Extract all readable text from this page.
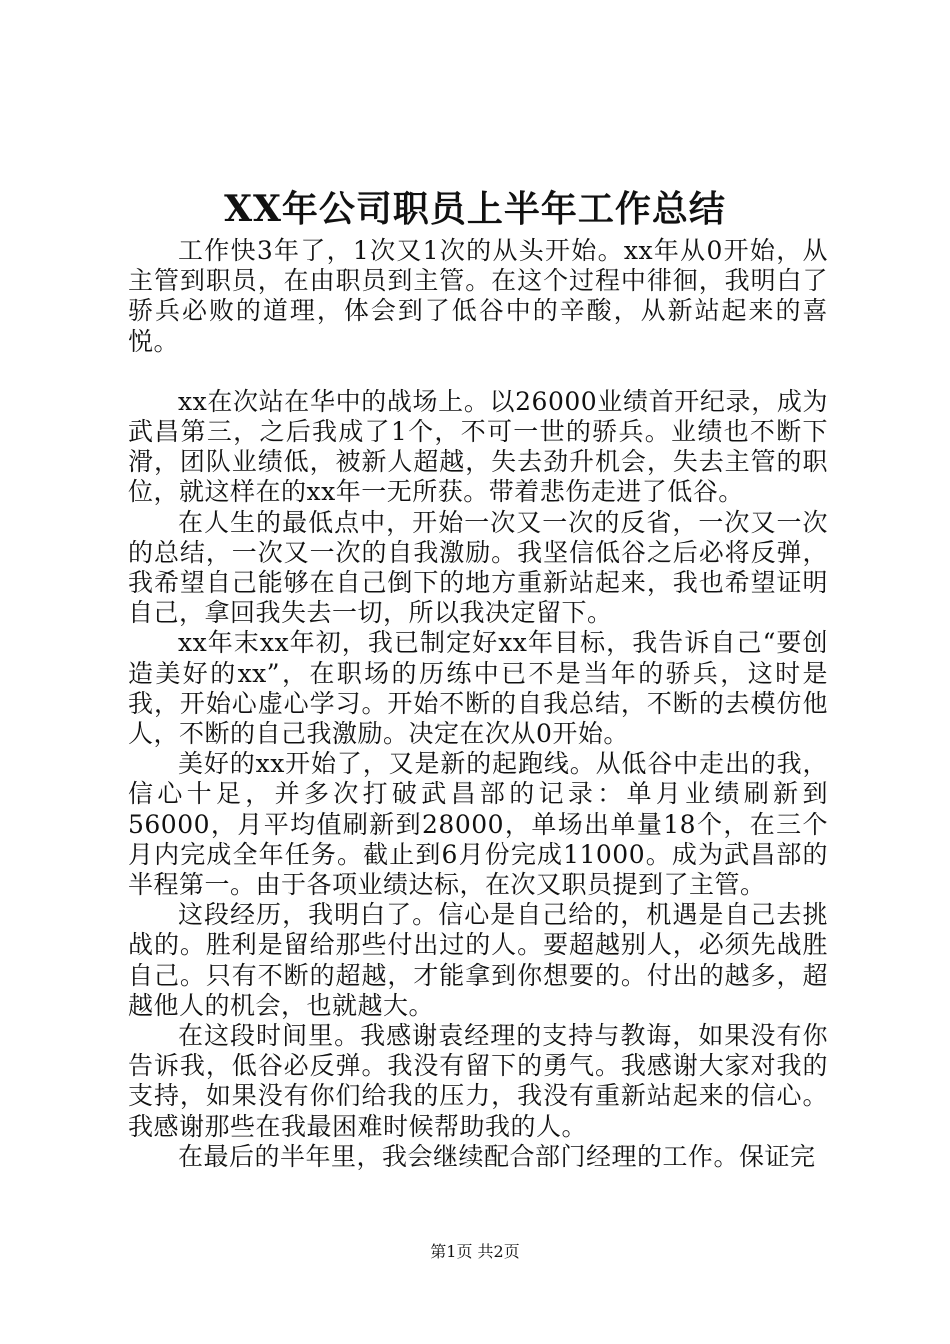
XX年公司职员上半年工作总结

工作快3年了，1次又1次的从头开始。xx年从0开始，从主管到职员，在由职员到主管。在这个过程中徘徊，我明白了骄兵必败的道理，体会到了低谷中的辛酸，从新站起来的喜悦。

xx在次站在华中的战场上。以26000业绩首开纪录，成为武昌第三，之后我成了1个，不可一世的骄兵。业绩也不断下滑，团队业绩低，被新人超越，失去劲升机会，失去主管的职位，就这样在的xx年一无所获。带着悲伤走进了低谷。

在人生的最低点中，开始一次又一次的反省，一次又一次的总结，一次又一次的自我激励。我坚信低谷之后必将反弹，我希望自己能够在自己倒下的地方重新站起来，我也希望证明自己，拿回我失去一切，所以我决定留下。

xx年末xx年初，我已制定好xx年目标，我告诉自己“要创造美好的xx”，在职场的历练中已不是当年的骄兵，这时是我，开始心虚心学习。开始不断的自我总结，不断的去模仿他人，不断的自己我激励。决定在次从0开始。

美好的xx开始了，又是新的起跑线。从低谷中走出的我，信心十足，并多次打破武昌部的记录：单月业绩刷新到56000，月平均值刷新到28000，单场出单量18个，在三个月内完成全年任务。截止到6月份完成11000。成为武昌部的半程第一。由于各项业绩达标，在次又职员提到了主管。

这段经历，我明白了。信心是自己给的，机遇是自己去挑战的。胜利是留给那些付出过的人。要超越别人，必须先战胜自己。只有不断的超越，才能拿到你想要的。付出的越多，超越他人的机会，也就越大。

在这段时间里。我感谢袁经理的支持与教诲，如果没有你告诉我，低谷必反弹。我没有留下的勇气。我感谢大家对我的支持，如果没有你们给我的压力，我没有重新站起来的信心。我感谢那些在我最困难时候帮助我的人。

在最后的半年里，我会继续配合部门经理的工作。保证完

第1页 共2页
